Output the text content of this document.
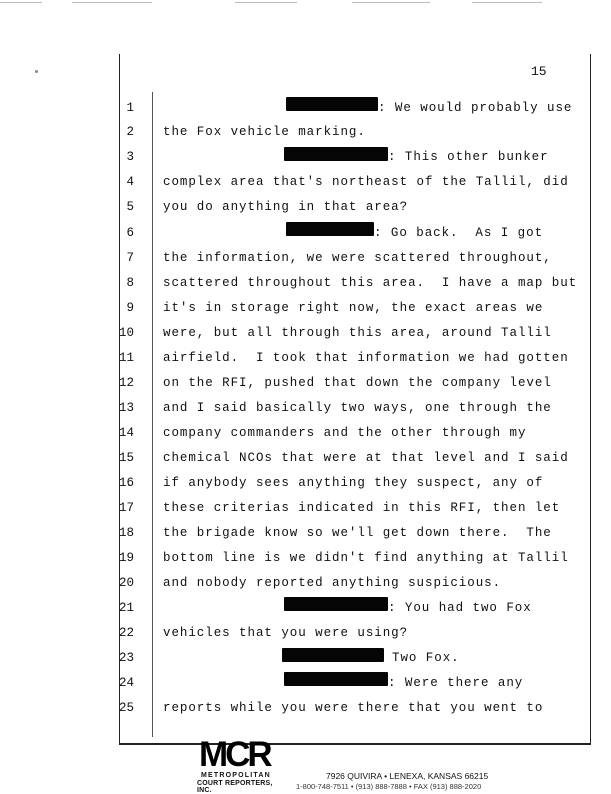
15
1
2
3
4
5
6
7
8
9
10
11
12
13
14
15
16
17
18
19
20
21
22
23
24
25
: We would probably use
the Fox vehicle marking.
: This other bunker
complex area that's northeast of the Tallil, did
you do anything in that area?
: Go back.  As I got
the information, we were scattered throughout,
scattered throughout this area.  I have a map but
it's in storage right now, the exact areas we
were, but all through this area, around Tallil
airfield.  I took that information we had gotten
on the RFI, pushed that down the company level
and I said basically two ways, one through the
company commanders and the other through my
chemical NCOs that were at that level and I said
if anybody sees anything they suspect, any of
these criterias indicated in this RFI, then let
the brigade know so we'll get down there.  The
bottom line is we didn't find anything at Tallil
and nobody reported anything suspicious.
: You had two Fox
vehicles that you were using?
Two Fox.
: Were there any
reports while you were there that you went to
MCR
METROPOLITAN
COURT REPORTERS, INC.
7926 QUIVIRA • LENEXA, KANSAS 66215
1-800-748-7511 • (913) 888-7888 • FAX (913) 888-2020
